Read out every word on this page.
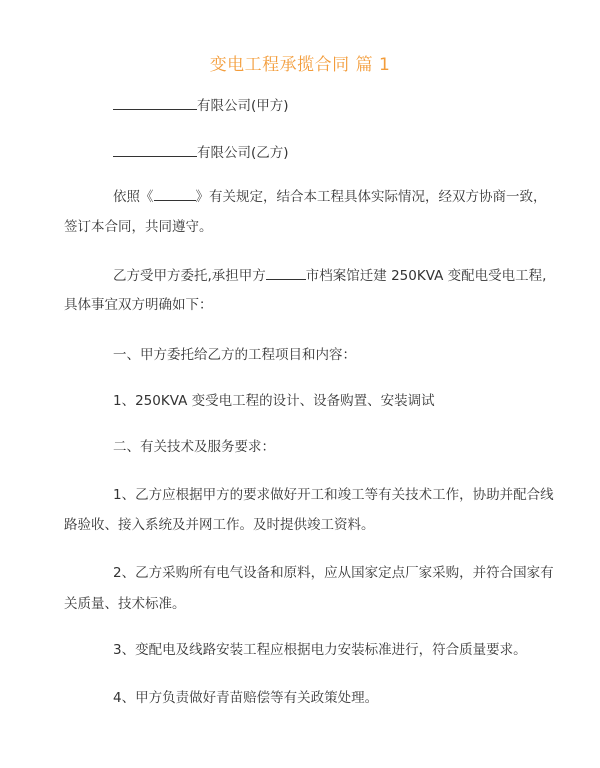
变电工程承揽合同 篇 1
有限公司(甲方)
有限公司(乙方)
依照《	》有关规定，结合本工程具体实际情况，经双方协商一致，
签订本合同，共同遵守。
乙方受甲方委托,承担甲方	市档案馆迁建 250KVA 变配电受电工程,
具体事宜双方明确如下：
一、甲方委托给乙方的工程项目和内容：
1、250KVA 变受电工程的设计、设备购置、安装调试
二、有关技术及服务要求：
1、乙方应根据甲方的要求做好开工和竣工等有关技术工作，协助并配合线
路验收、接入系统及并网工作。及时提供竣工资料。
2、乙方采购所有电气设备和原料，应从国家定点厂家采购，并符合国家有
关质量、技术标准。
3、变配电及线路安装工程应根据电力安装标准进行，符合质量要求。
4、甲方负责做好青苗赔偿等有关政策处理。
